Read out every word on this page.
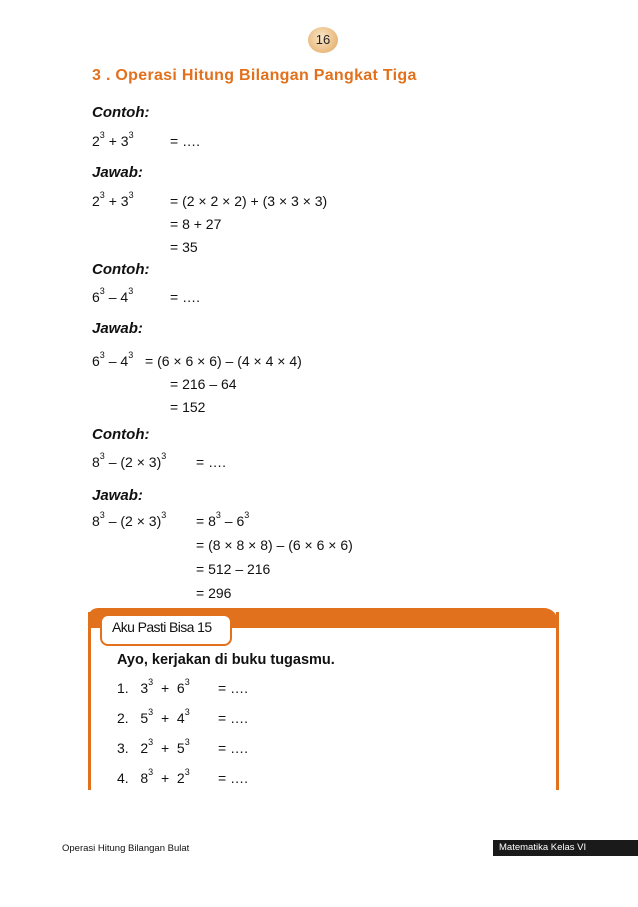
16
3 . Operasi Hitung Bilangan Pangkat Tiga
Contoh:
$2^3 + 3^3$	= ….
Jawab:
$2^3 + 3^3$	= (2 × 2 × 2) + (3 × 3 × 3)
= 8 + 27
= 35
Contoh:
$6^3 - 4^3$	= ….
Jawab:
$6^3 - 4^3 = (6 \times 6 \times 6) - (4 \times 4 \times 4)$
= 216 – 64
= 152
Contoh:
$8^3 - (2 \times 3)^3$ = ….
Jawab:
$8^3 - (2 \times 3)^3 = 8^3 - 6^3$
= (8 × 8 × 8) – (6 × 6 × 6)
= 512 – 216
= 296
Aku Pasti Bisa 15
Ayo, kerjakan di buku tugasmu.
1. $3^3 + 6^3$ = ….
2. $5^3 + 4^3$ = ….
3. $2^3 + 5^3$ = ….
4. $8^3 + 2^3$ = ….
Operasi Hitung Bilangan Bulat	Matematika Kelas VI
